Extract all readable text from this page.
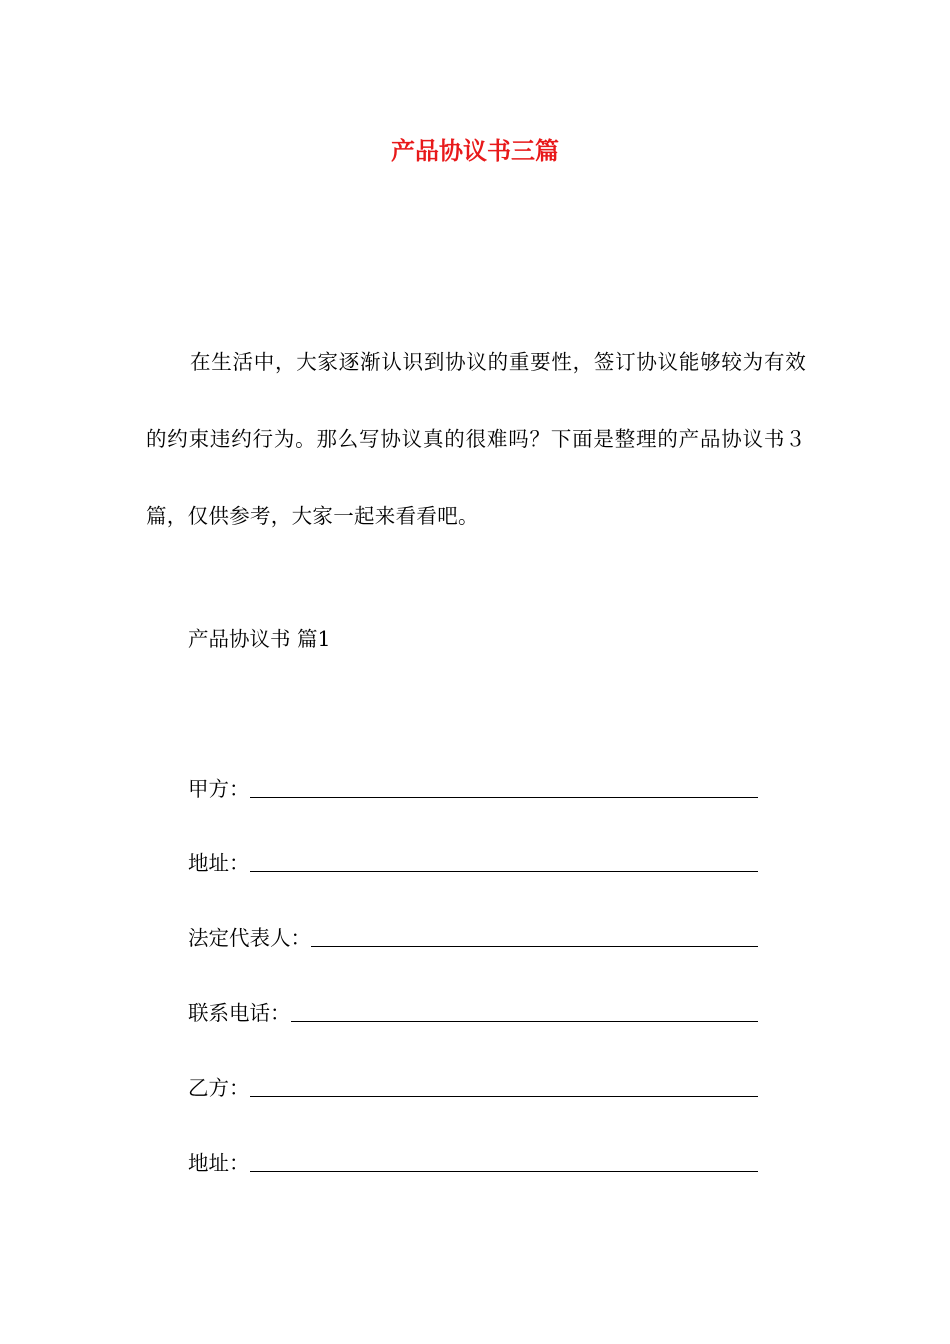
产品协议书三篇

在生活中，大家逐渐认识到协议的重要性，签订协议能够较为有效的约束违约行为。那么写协议真的很难吗？下面是整理的产品协议书３篇，仅供参考，大家一起来看看吧。

产品协议书 篇1
甲方：
地址：
法定代表人：
联系电话：
乙方：
地址：
